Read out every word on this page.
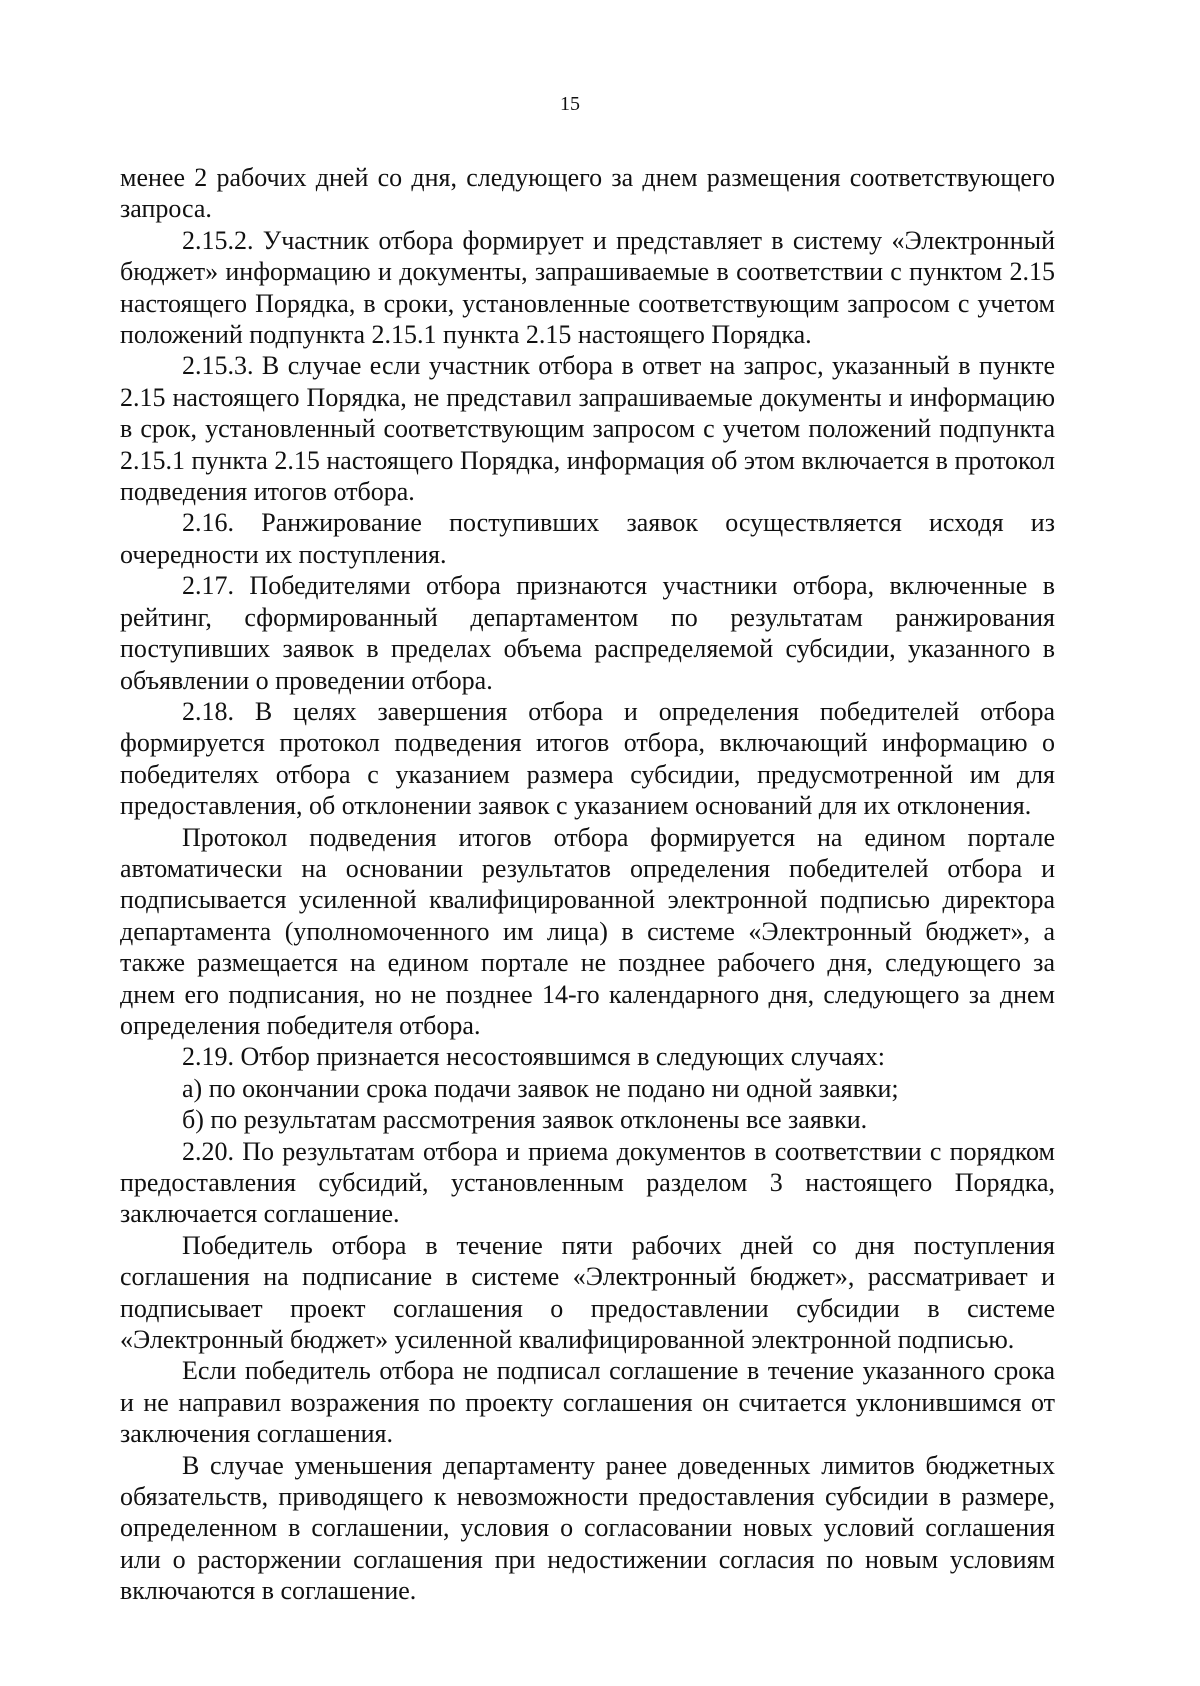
15

менее 2 рабочих дней со дня, следующего за днем размещения соответствующего запроса.

2.15.2. Участник отбора формирует и представляет в систему «Электронный бюджет» информацию и документы, запрашиваемые в соответствии с пунктом 2.15 настоящего Порядка, в сроки, установленные соответствующим запросом с учетом положений подпункта 2.15.1 пункта 2.15 настоящего Порядка.

2.15.3. В случае если участник отбора в ответ на запрос, указанный в пункте 2.15 настоящего Порядка, не представил запрашиваемые документы и информацию в срок, установленный соответствующим запросом с учетом положений подпункта 2.15.1 пункта 2.15 настоящего Порядка, информация об этом включается в протокол подведения итогов отбора.

2.16. Ранжирование поступивших заявок осуществляется исходя из очередности их поступления.

2.17. Победителями отбора признаются участники отбора, включенные в рейтинг, сформированный департаментом по результатам ранжирования поступивших заявок в пределах объема распределяемой субсидии, указанного в объявлении о проведении отбора.

2.18. В целях завершения отбора и определения победителей отбора формируется протокол подведения итогов отбора, включающий информацию о победителях отбора с указанием размера субсидии, предусмотренной им для предоставления, об отклонении заявок с указанием оснований для их отклонения.

Протокол подведения итогов отбора формируется на едином портале автоматически на основании результатов определения победителей отбора и подписывается усиленной квалифицированной электронной подписью директора департамента (уполномоченного им лица) в системе «Электронный бюджет», а также размещается на едином портале не позднее рабочего дня, следующего за днем его подписания, но не позднее 14-го календарного дня, следующего за днем определения победителя отбора.

2.19. Отбор признается несостоявшимся в следующих случаях:

а) по окончании срока подачи заявок не подано ни одной заявки;

б) по результатам рассмотрения заявок отклонены все заявки.

2.20. По результатам отбора и приема документов в соответствии с порядком предоставления субсидий, установленным разделом 3 настоящего Порядка, заключается соглашение.

Победитель отбора в течение пяти рабочих дней со дня поступления соглашения на подписание в системе «Электронный бюджет», рассматривает и подписывает проект соглашения о предоставлении субсидии в системе «Электронный бюджет» усиленной квалифицированной электронной подписью.

Если победитель отбора не подписал соглашение в течение указанного срока и не направил возражения по проекту соглашения он считается уклонившимся от заключения соглашения.

В случае уменьшения департаменту ранее доведенных лимитов бюджетных обязательств, приводящего к невозможности предоставления субсидии в размере, определенном в соглашении, условия о согласовании новых условий соглашения или о расторжении соглашения при недостижении согласия по новым условиям включаются в соглашение.
